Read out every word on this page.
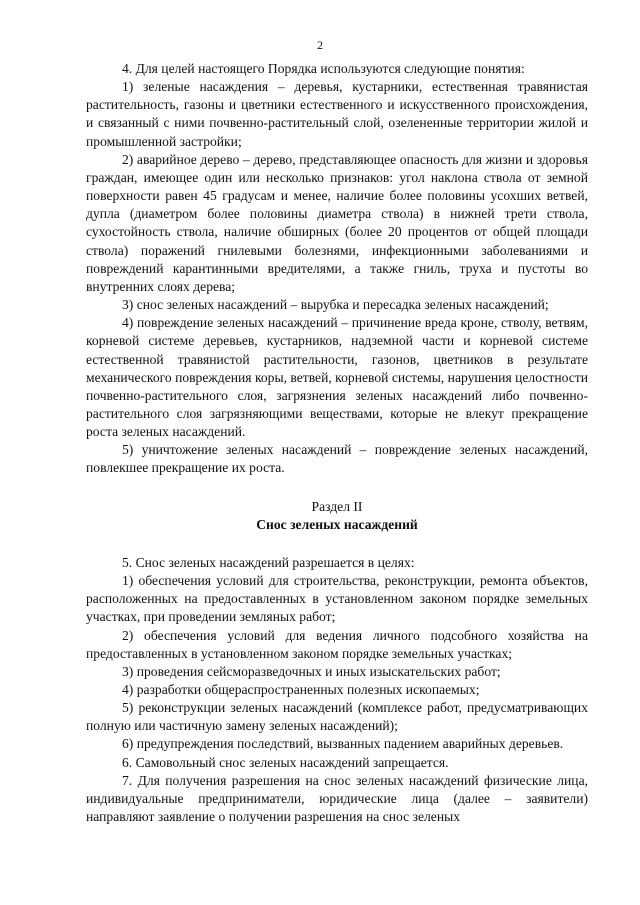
2

4. Для целей настоящего Порядка используются следующие понятия:

1) зеленые насаждения – деревья, кустарники, естественная травянистая растительность, газоны и цветники естественного и искусственного происхождения, и связанный с ними почвенно-растительный слой, озелененные территории жилой и промышленной застройки;

2) аварийное дерево – дерево, представляющее опасность для жизни и здоровья граждан, имеющее один или несколько признаков: угол наклона ствола от земной поверхности равен 45 градусам и менее, наличие более половины усохших ветвей, дупла (диаметром более половины диаметра ствола) в нижней трети ствола, сухостойность ствола, наличие обширных (более 20 процентов от общей площади ствола) поражений гнилевыми болезнями, инфекционными заболеваниями и повреждений карантинными вредителями, а также гниль, труха и пустоты во внутренних слоях дерева;

3) снос зеленых насаждений – вырубка и пересадка зеленых насаждений;

4) повреждение зеленых насаждений – причинение вреда кроне, стволу, ветвям, корневой системе деревьев, кустарников, надземной части и корневой системе естественной травянистой растительности, газонов, цветников в результате механического повреждения коры, ветвей, корневой системы, нарушения целостности почвенно-растительного слоя, загрязнения зеленых насаждений либо почвенно-растительного слоя загрязняющими веществами, которые не влекут прекращение роста зеленых насаждений.

5) уничтожение зеленых насаждений – повреждение зеленых насаждений, повлекшее прекращение их роста.

Раздел II
Снос зеленых насаждений

5. Снос зеленых насаждений разрешается в целях:

1) обеспечения условий для строительства, реконструкции, ремонта объектов, расположенных на предоставленных в установленном законом порядке земельных участках, при проведении земляных работ;

2) обеспечения условий для ведения личного подсобного хозяйства на предоставленных в установленном законом порядке земельных участках;

3) проведения сейсморазведочных и иных изыскательских работ;

4) разработки общераспространенных полезных ископаемых;

5) реконструкции зеленых насаждений (комплексе работ, предусматривающих полную или частичную замену зеленых насаждений);

6) предупреждения последствий, вызванных падением аварийных деревьев.

6. Самовольный снос зеленых насаждений запрещается.

7. Для получения разрешения на снос зеленых насаждений физические лица, индивидуальные предприниматели, юридические лица (далее – заявители) направляют заявление о получении разрешения на снос зеленых
